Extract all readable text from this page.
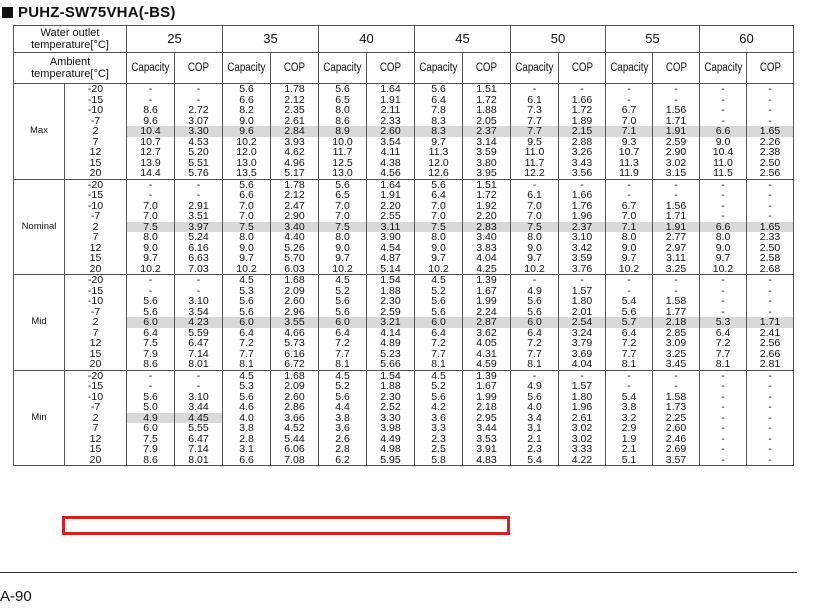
PUHZ-SW75VHA(-BS)
Water outlet
temperature[°C]		25		35		40		45		50		55		60	
Ambient
temperature[°C]		Capacity	COP	Capacity	COP	Capacity	COP	Capacity	COP	Capacity	COP	Capacity	COP	Capacity	COP
Max	-20	-	-	5.6	1.78	5.6	1.64	5.6	1.51	-	-	-	-	-	-
	-15	-	-	6.6	2.12	6.5	1.91	6.4	1.72	6.1	1.66	-	-	-	-
	-10	8.6	2.72	8.2	2.35	8.0	2.11	7.8	1.88	7.3	1.72	6.7	1.56	-	-
	-7	9.6	3.07	9.0	2.61	8.6	2.33	8.3	2.05	7.7	1.89	7.0	1.71	-	-
	2	10.4	3.30	9.6	2.84	8.9	2.60	8.3	2.37	7.7	2.15	7.1	1.91	6.6	1.65
	7	10.7	4.53	10.2	3.93	10.0	3.54	9.7	3.14	9.5	2.88	9.3	2.59	9.0	2.26
	12	12.7	5.20	12.0	4.62	11.7	4.11	11.3	3.59	11.0	3.26	10.7	2.90	10.4	2.38
	15	13.9	5.51	13.0	4.96	12.5	4.38	12.0	3.80	11.7	3.43	11.3	3.02	11.0	2.50
	20	14.4	5.76	13.5	5.17	13.0	4.56	12.6	3.95	12.2	3.56	11.9	3.15	11.5	2.56
Nominal	-20	-	-	5.6	1.78	5.6	1.64	5.6	1.51	-	-	-	-	-	-
	-15	-	-	6.6	2.12	6.5	1.91	6.4	1.72	6.1	1.66	-	-	-	-
	-10	7.0	2.91	7.0	2.47	7.0	2.20	7.0	1.92	7.0	1.76	6.7	1.56	-	-
	-7	7.0	3.51	7.0	2.90	7.0	2.55	7.0	2.20	7.0	1.96	7.0	1.71	-	-
	2	7.5	3.97	7.5	3.40	7.5	3.11	7.5	2.83	7.5	2.37	7.1	1.91	6.6	1.65
	7	8.0	5.24	8.0	4.40	8.0	3.90	8.0	3.40	8.0	3.10	8.0	2.77	8.0	2.33
	12	9.0	6.16	9.0	5.26	9.0	4.54	9.0	3.83	9.0	3.42	9.0	2.97	9.0	2.50
	15	9.7	6.63	9.7	5.70	9.7	4.87	9.7	4.04	9.7	3.59	9.7	3.11	9.7	2.58
	20	10.2	7.03	10.2	6.03	10.2	5.14	10.2	4.25	10.2	3.76	10.2	3.25	10.2	2.68
Mid	-20	-	-	4.5	1.68	4.5	1.54	4.5	1.39	-	-	-	-	-	-
	-15	-	-	5.3	2.09	5.2	1.88	5.2	1.67	4.9	1.57	-	-	-	-
	-10	5.6	3.10	5.6	2.60	5.6	2.30	5.6	1.99	5.6	1.80	5.4	1.58	-	-
	-7	5.6	3.54	5.6	2.96	5.6	2.59	5.6	2.24	5.6	2.01	5.6	1.77	-	-
	2	6.0	4.23	6.0	3.55	6.0	3.21	6.0	2.87	6.0	2.54	5.7	2.18	5.3	1.71
	7	6.4	5.59	6.4	4.66	6.4	4.14	6.4	3.62	6.4	3.24	6.4	2.85	6.4	2.41
	12	7.5	6.47	7.2	5.73	7.2	4.89	7.2	4.05	7.2	3.79	7.2	3.09	7.2	2.56
	15	7.9	7.14	7.7	6.16	7.7	5.23	7.7	4.31	7.7	3.69	7.7	3.25	7.7	2.66
	20	8.6	8.01	8.1	6.72	8.1	5.66	8.1	4.59	8.1	4.04	8.1	3.45	8.1	2.81
Min	-20	-	-	4.5	1.68	4.5	1.54	4.5	1.39	-	-	-	-	-	-
	-15	-	-	5.3	2.09	5.2	1.88	5.2	1.67	4.9	1.57	-	-	-	-
	-10	5.6	3.10	5.6	2.60	5.6	2.30	5.6	1.99	5.6	1.80	5.4	1.58	-	-
	-7	5.0	3.44	4.6	2.86	4.4	2.52	4.2	2.18	4.0	1.96	3.8	1.73	-	-
	2	4.9	4.45	4.0	3.66	3.8	3.30	3.6	2.95	3.4	2.61	3.2	2.25	-	-
	7	6.0	5.55	3.8	4.52	3.6	3.98	3.3	3.44	3.1	3.02	2.9	2.60	-	-
	12	7.5	6.47	2.8	5.44	2.6	4.49	2.3	3.53	2.1	3.02	1.9	2.46	-	-
	15	7.9	7.14	3.1	6.06	2.8	4.98	2.5	3.91	2.3	3.33	2.1	2.69	-	-
	20	8.6	8.01	6.6	7.08	6.2	5.95	5.8	4.83	5.4	4.22	5.1	3.57	-	-
A-90
